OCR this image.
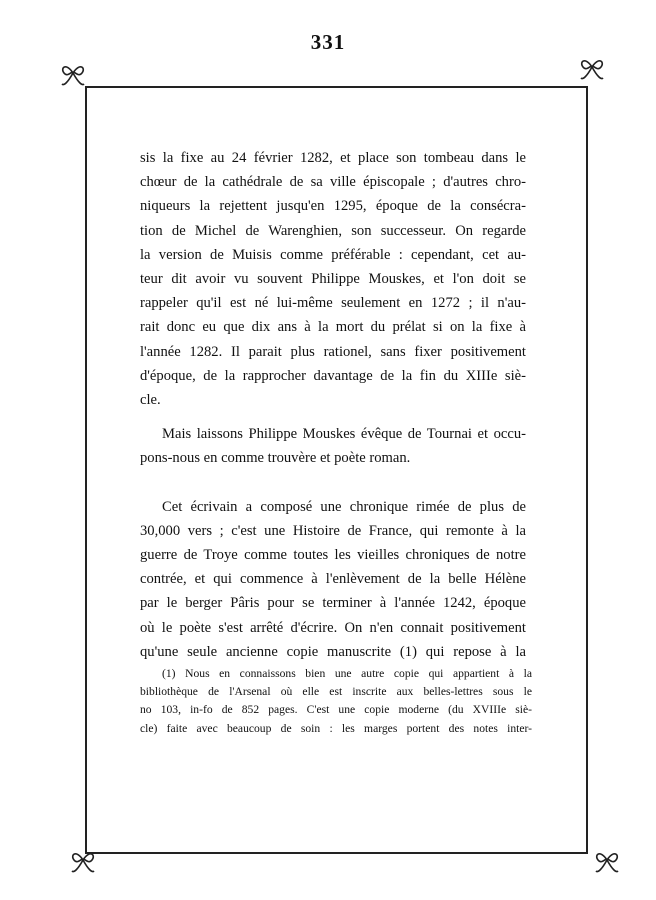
331
sis la fixe au 24 février 1282, et place son tombeau dans le
chœur de la cathédrale de sa ville épiscopale ; d'autres chro-
niqueurs la rejettent jusqu'en 1295, époque de la consécra-
tion de Michel de Warenghien, son successeur. On regarde
la version de Muisis comme préférable : cependant, cet au-
teur dit avoir vu souvent Philippe Mouskes, et l'on doit se
rappeler qu'il est né lui-même seulement en 1272 ; il n'au-
rait donc eu que dix ans à la mort du prélat si on la fixe à
l'année 1282. Il parait plus rationel, sans fixer positivement
d'époque, de la rapprocher davantage de la fin du XIIIe siè-
cle.
Mais laissons Philippe Mouskes évêque de Tournai et occu-
pons-nous en comme trouvère et poète roman.
Cet écrivain a composé une chronique rimée de plus de
30,000 vers ; c'est une Histoire de France, qui remonte à la
guerre de Troye comme toutes les vieilles chroniques de notre
contrée, et qui commence à l'enlèvement de la belle Hélène
par le berger Pâris pour se terminer à l'année 1242, époque
où le poète s'est arrêté d'écrire. On n'en connait positivement
qu'une seule ancienne copie manuscrite (1) qui repose à la
(1) Nous en connaissons bien une autre copie qui appartient à la
bibliothèque de l'Arsenal où elle est inscrite aux belles-lettres sous le
no 103, in-fo de 852 pages. C'est une copie moderne (du XVIIIe siè-
cle) faite avec beaucoup de soin : les marges portent des notes inter-
